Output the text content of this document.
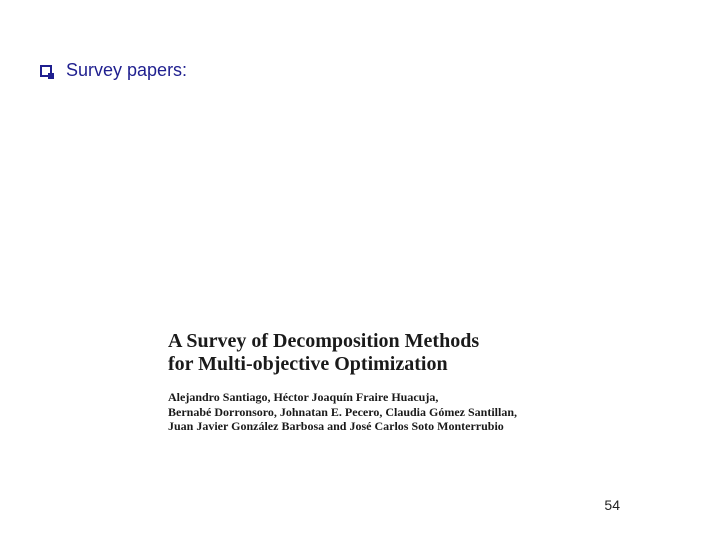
Survey papers:
A Survey of Decomposition Methods
for Multi-objective Optimization
Alejandro Santiago, Héctor Joaquín Fraire Huacuja,
Bernabé Dorronsoro, Johnatan E. Pecero, Claudia Gómez Santillan,
Juan Javier González Barbosa and José Carlos Soto Monterrubio
54
